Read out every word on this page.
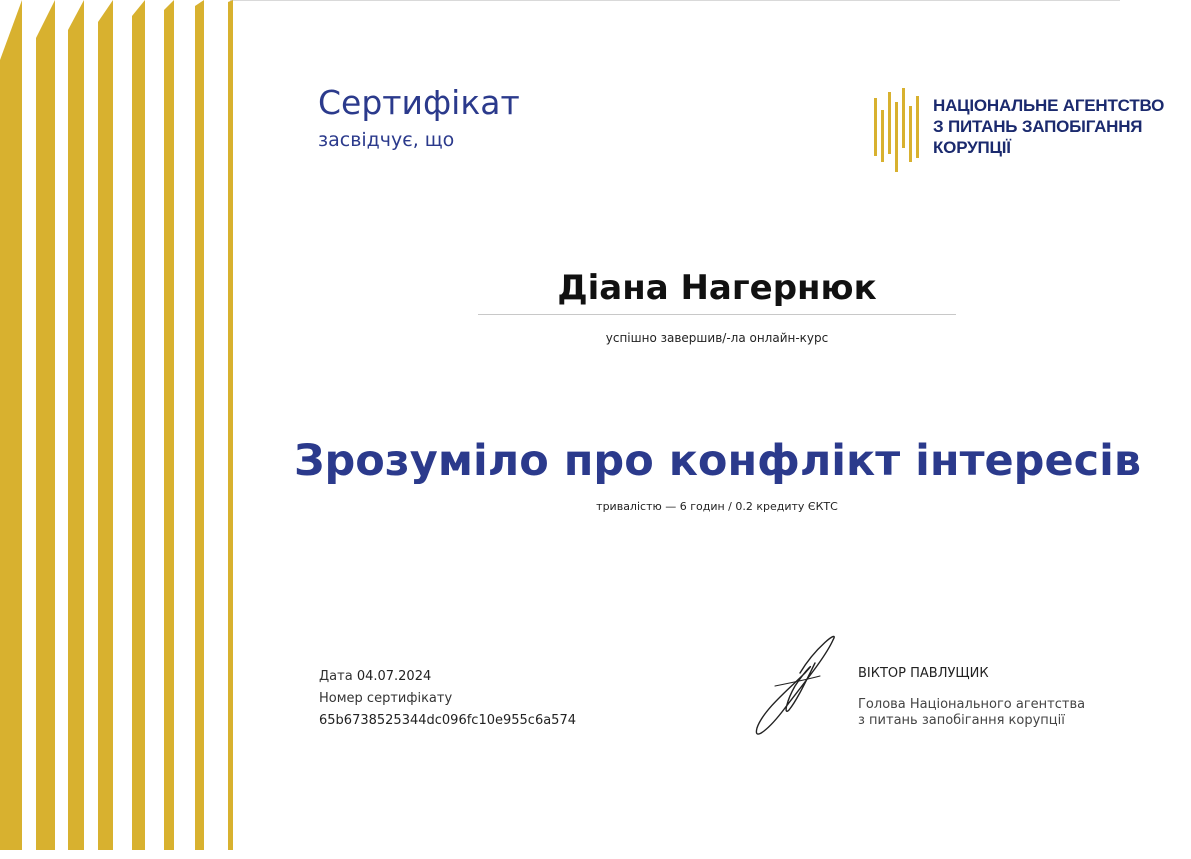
Сертифікат
засвідчує, що
НАЦІОНАЛЬНЕ АГЕНТСТВО
З ПИТАНЬ ЗАПОБІГАННЯ
КОРУПЦІЇ
Діана Нагернюк
успішно завершив/-ла онлайн-курс
Зрозуміло про конфлікт інтересів
тривалістю — 6 годин / 0.2 кредиту ЄКТС
Дата 04.07.2024
Номер сертифікату
65b6738525344dc096fc10e955c6a574
ВІКТОР ПАВЛУЩИК
Голова Національного агентства
з питань запобігання корупції
